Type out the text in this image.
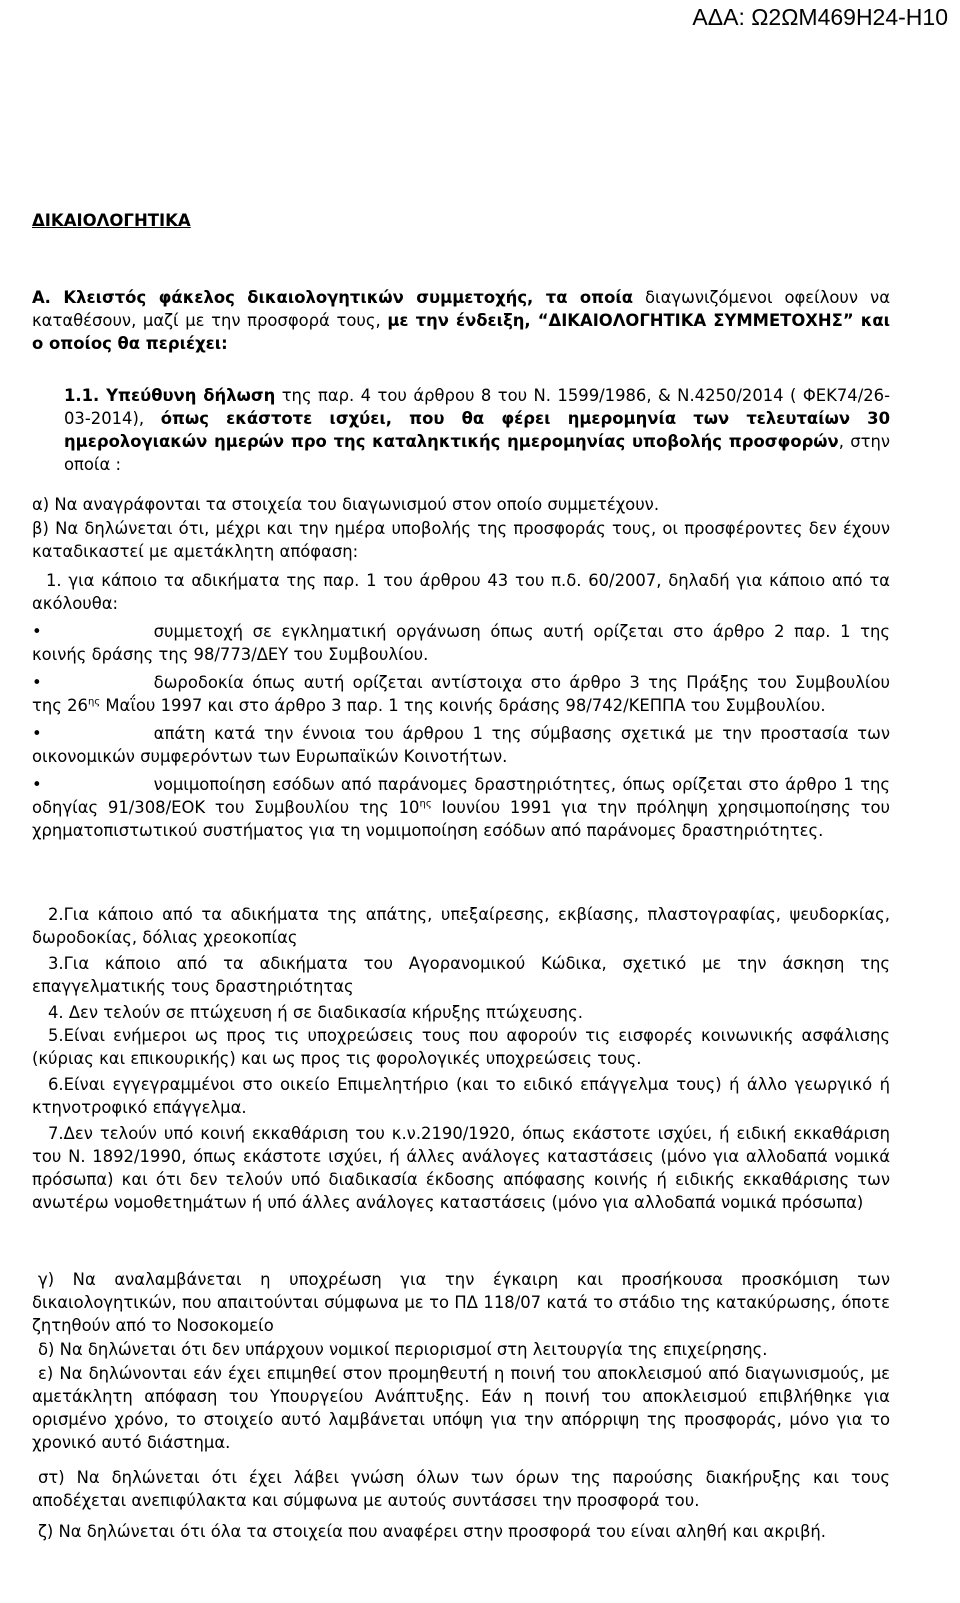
ΑΔΑ: Ω2ΩΜ469Η24-Η10
ΔΙΚΑΙΟΛΟΓΗΤΙΚΑ

Α. Κλειστός φάκελος δικαιολογητικών συμμετοχής, τα οποία διαγωνιζόμενοι οφείλουν να καταθέσουν, μαζί με την προσφορά τους, με την ένδειξη, “ΔΙΚΑΙΟΛΟΓΗΤΙΚΑ ΣΥΜΜΕΤΟΧΗΣ” και ο οποίος θα περιέχει:

1.1. Υπεύθυνη δήλωση της παρ. 4 του άρθρου 8 του Ν. 1599/1986, & Ν.4250/2014 ( ΦΕΚ74/26-03-2014), όπως εκάστοτε ισχύει, που θα φέρει ημερομηνία των τελευταίων 30 ημερολογιακών ημερών προ της καταληκτικής ημερομηνίας υποβολής προσφορών, στην οποία :

α) Να αναγράφονται τα στοιχεία του διαγωνισμού στον οποίο συμμετέχουν.

β) Να δηλώνεται ότι, μέχρι και την ημέρα υποβολής της προσφοράς τους, οι προσφέροντες δεν έχουν καταδικαστεί με αμετάκλητη απόφαση:

1. για κάποιο τα αδικήματα της παρ. 1 του άρθρου 43 του π.δ. 60/2007, δηλαδή για κάποιο από τα ακόλουθα:

•	συμμετοχή σε εγκληματική οργάνωση όπως αυτή ορίζεται στο άρθρο 2 παρ. 1 της κοινής δράσης της 98/773/ΔΕΥ του Συμβουλίου.

•	δωροδοκία όπως αυτή ορίζεται αντίστοιχα στο άρθρο 3 της Πράξης του Συμβουλίου της $26^{\eta\varsigma}$ Μαΐου 1997 και στο άρθρο 3 παρ. 1 της κοινής δράσης 98/742/ΚΕΠΠΑ του Συμβουλίου.

•	απάτη κατά την έννοια του άρθρου 1 της σύμβασης σχετικά με την προστασία των οικονομικών συμφερόντων των Ευρωπαϊκών Κοινοτήτων.

•	νομιμοποίηση εσόδων από παράνομες δραστηριότητες, όπως ορίζεται στο άρθρο 1 της οδηγίας 91/308/ΕΟΚ του Συμβουλίου της $10^{\eta\varsigma}$ Ιουνίου 1991 για την πρόληψη χρησιμοποίησης του χρηματοπιστωτικού συστήματος για τη νομιμοποίηση εσόδων από παράνομες δραστηριότητες.

2.Για κάποιο από τα αδικήματα της απάτης, υπεξαίρεσης, εκβίασης, πλαστογραφίας, ψευδορκίας, δωροδοκίας, δόλιας χρεοκοπίας

3.Για κάποιο από τα αδικήματα του Αγορανομικού Κώδικα, σχετικό με την άσκηση της επαγγελματικής τους δραστηριότητας

4. Δεν τελούν σε πτώχευση ή σε διαδικασία κήρυξης πτώχευσης.

5.Είναι ενήμεροι ως προς τις υποχρεώσεις τους που αφορούν τις εισφορές κοινωνικής ασφάλισης (κύριας και επικουρικής) και ως προς τις φορολογικές υποχρεώσεις τους.

6.Είναι εγγεγραμμένοι στο οικείο Επιμελητήριο (και το ειδικό επάγγελμα τους) ή άλλο γεωργικό ή κτηνοτροφικό επάγγελμα.

7.Δεν τελούν υπό κοινή εκκαθάριση του κ.ν.2190/1920, όπως εκάστοτε ισχύει, ή ειδική εκκαθάριση του Ν. 1892/1990, όπως εκάστοτε ισχύει, ή άλλες ανάλογες καταστάσεις (μόνο για αλλοδαπά νομικά πρόσωπα) και ότι δεν τελούν υπό διαδικασία έκδοσης απόφασης κοινής ή ειδικής εκκαθάρισης των ανωτέρω νομοθετημάτων ή υπό άλλες ανάλογες καταστάσεις (μόνο για αλλοδαπά νομικά πρόσωπα)

γ) Να αναλαμβάνεται η υποχρέωση για την έγκαιρη και προσήκουσα προσκόμιση των δικαιολογητικών, που απαιτούνται σύμφωνα με το ΠΔ 118/07 κατά το στάδιο της κατακύρωσης, όποτε ζητηθούν από το Νοσοκομείο

δ) Να δηλώνεται ότι δεν υπάρχουν νομικοί περιορισμοί στη λειτουργία της επιχείρησης.

ε) Να δηλώνονται εάν έχει επιμηθεί στον προμηθευτή η ποινή του αποκλεισμού από διαγωνισμούς, με αμετάκλητη απόφαση του Υπουργείου Ανάπτυξης. Εάν η ποινή του αποκλεισμού επιβλήθηκε για ορισμένο χρόνο, το στοιχείο αυτό λαμβάνεται υπόψη για την απόρριψη της προσφοράς, μόνο για το χρονικό αυτό διάστημα.

στ) Να δηλώνεται ότι έχει λάβει γνώση όλων των όρων της παρούσης διακήρυξης και τους αποδέχεται ανεπιφύλακτα και σύμφωνα με αυτούς συντάσσει την προσφορά του.

ζ) Να δηλώνεται ότι όλα τα στοιχεία που αναφέρει στην προσφορά του είναι αληθή και ακριβή.
